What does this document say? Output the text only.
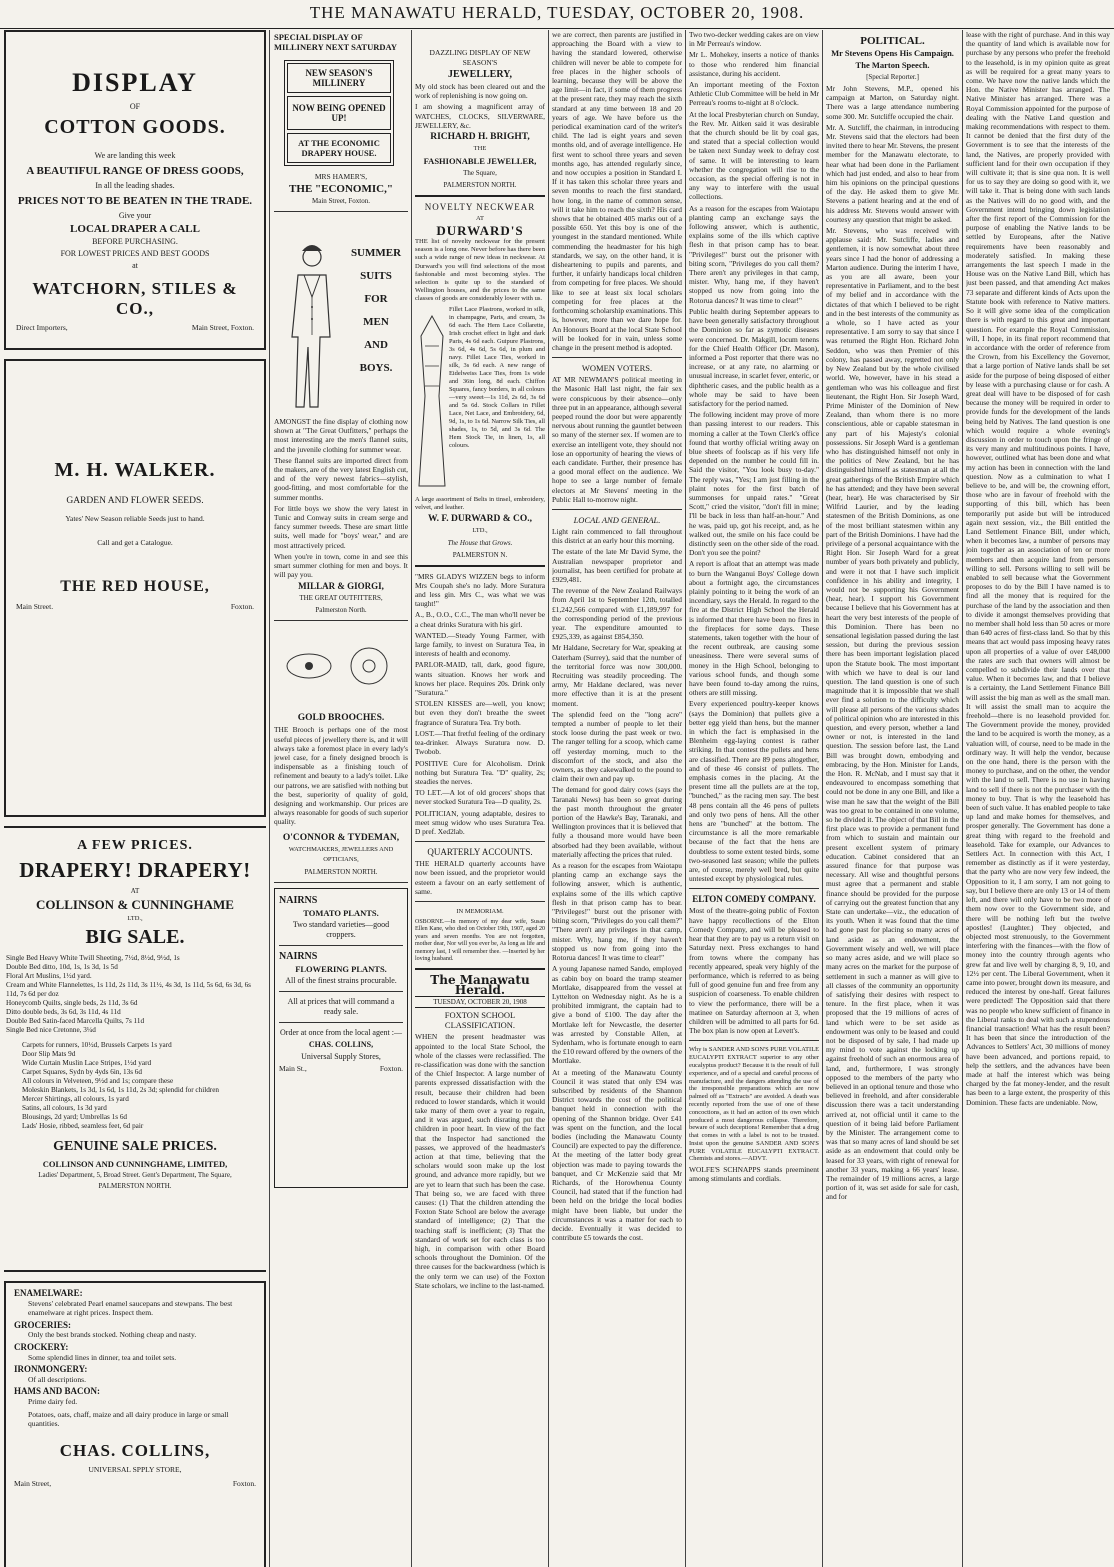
THE MANAWATU HERALD, TUESDAY, OCTOBER 20, 1908.
DISPLAY
OF
COTTON GOODS.
We are landing this week
A BEAUTIFUL RANGE OF DRESS GOODS,
In all the leading shades.
PRICES NOT TO BE BEATEN IN THE TRADE.
Give your
LOCAL DRAPER A CALL
BEFORE PURCHASING.
FOR LOWEST PRICES AND BEST GOODS
at
WATCHORN, STILES & CO.,
Direct Importers,	Main Street, Foxton.
M. H. WALKER.
GARDEN AND FLOWER SEEDS.
Yates' New Season reliable Seeds just to hand.
Call and get a Catalogue.
THE RED HOUSE,
Main Street.	Foxton.
A FEW PRICES.
DRAPERY! DRAPERY!
AT
COLLINSON & CUNNINGHAME
LTD.,
BIG SALE.
Single Bed Heavy White Twill Sheeting, 7½d, 8½d, 9½d, 1s
Double Bed ditto, 10d, 1s, 1s 3d, 1s 5d
Floral Art Muslins, 1½d yard.
Cream and White Flannelettes, 1s 11d, 2s 11d, 3s 11½, 4s 3d, 1s 11d, 5s 6d, 6s 3d, 6s 11d, 7s 6d per doz
Honeycomb Quilts, single beds, 2s 11d, 3s 6d
Ditto double beds, 3s 6d, 3s 11d, 4s 11d
Double Bed Satin-faced Marcella Quilts, 7s 11d
Single Bed nice Cretonne, 3¼d
Carpets for runners, 10½d, Brussels Carpets 1s yard
Door Slip Mats 9d
Wide Curtain Muslin Lace Stripes, 1½d yard
Carpet Squares, Sydn by 4yds 6in, 13s 6d
All colours in Velveteen, 9½d and 1s; compare these
Moleskin Blankets, 1s 3d, 1s 6d, 1s 11d, 2s 3d; splendid for children
Mercer Shirtings, all colours, 1s yard
Satins, all colours, 1s 3d yard
Blousings, 2d yard; Umbrellas 1s 6d
Lads' Hosie, ribbed, seamless feet, 6d pair
GENUINE SALE PRICES.
COLLINSON AND CUNNINGHAME, LIMITED,
Ladies' Department, 5, Broad Street. Gent's Department, The Square,
PALMERSTON NORTH.
ENAMELWARE:
Stevens' celebrated Pearl enamel saucepans and stewpans. The best enamelware at right prices. Inspect them.
GROCERIES:
Only the best brands stocked. Nothing cheap and nasty.
CROCKERY:
Some splendid lines in dinner, tea and toilet sets.
IRONMONGERY:
Of all descriptions.
HAMS AND BACON:
Prime dairy fed.
Potatoes, oats, chaff, maize and all dairy produce in large or small quantities.
CHAS. COLLINS,
UNIVERSAL SPPLY STORE,
Main Street,	Foxton.
SPECIAL DISPLAY OF MILLINERY NEXT SATURDAY
NEW SEASON'S MILLINERY
NOW BEING OPENED UP!
AT THE ECONOMIC DRAPERY HOUSE.
MRS HAMER'S,
THE "ECONOMIC,"
Main Street, Foxton.
SUMMER
SUITS
FOR
MEN
AND
BOYS.

AMONGST the fine display of clothing now shown at "The Great Outfitters," perhaps the most interesting are the men's flannel suits, and the juvenile clothing for summer wear.

These flannel suits are imported direct from the makers, are of the very latest English cut, and of the very newest fabrics—stylish, good-fitting, and most comfortable for the summer months.

For little boys we show the very latest in Tunic and Conway suits in cream serge and fancy summer tweeds. These are smart little suits, well made for "boys' wear," and are most attractively priced.

When you're in town, come in and see this smart summer clothing for men and boys. It will pay you.

MILLAR & GIORGI,
THE GREAT OUTFITTERS,
Palmerston North.
GOLD BROOCHES.

THE Brooch is perhaps one of the most useful pieces of jewellery there is, and it will always take a foremost place in every lady's jewel case, for a finely designed brooch is indispensable as a finishing touch of refinement and beauty to a lady's toilet. Like our patrons, we are satisfied with nothing but the best, superiority of quality of gold, designing and workmanship. Our prices are always reasonable for goods of such superior quality.

O'CONNOR & TYDEMAN,
WATCHMAKERS, JEWELLERS AND OPTICIANS,
PALMERSTON NORTH.
NAIRNS
TOMATO PLANTS.
Two standard varieties—good croppers.
NAIRNS
FLOWERING PLANTS.
All of the finest strains procurable.
All at prices that will command a ready sale.
Order at once from the local agent :—
CHAS. COLLINS,
Universal Supply Stores,
Main St.,	Foxton.
DAZZLING DISPLAY OF NEW SEASON'S
JEWELLERY,

My old stock has been cleared out and the work of replenishing is now going on.

I am showing a magnificent array of WATCHES, CLOCKS, SILVERWARE, JEWELLERY, &c.

RICHARD H. BRIGHT,
THE
FASHIONABLE JEWELLER,
The Square,
PALMERSTON NORTH.
NOVELTY NECKWEAR
AT
DURWARD'S

THE list of novelty neckwear for the present season is a long one. Never before has there been such a wide range of new ideas in neckwear. At Durward's you will find selections of the most fashionable and most becoming styles. The selection is quite up to the standard of Wellington houses, and the prices to the same classes of goods are considerably lower with us.

Fillet Lace Plastrons, worked in silk, in champagne, Paris, and cream, 3s 6d each. The Hem Lace Collarette, Irish crochet effect in light and dark Paris, 4s 6d each. Guipure Plastrons, 3s 6d, 4s 6d, 5s 6d, in plum and navy. Fillet Lace Ties, worked in silk, 3s 6d each. A new range of Eidelweiss Lace Ties, from 1s wide and 36in long, 8d each. Chiffon Squares, fancy borders, in all colours—very sweet—1s 11d, 2s 6d, 3s 6d and 5s 6d. Stock Collars in Fillet Lace, Net Lace, and Embroidery, 6d, 9d, 1s, to 1s 6d. Narrow Silk Ties, all shades, 1s, to 5d, and 3s 6d. The Hem Stock Tie, in linen, 1s, all colours.

A large assortment of Belts in tinsel, embroidery, velvet, and leather.

W. F. DURWARD & CO.,
LTD.,
The House that Grows.
PALMERSTON N.

"MRS GLADYS WIZZEN begs to inform Mrs Coupah she's no lady. More Suratura and less gin. Mrs C., was what we was taught!"

A., B., O.O., C.C., The man who'll never be a cheat drinks Suratura with his girl.

WANTED.—Steady Young Farmer, with large family, to invest on Suratura Tea, in interests of health and economy.

PARLOR-MAID, tall, dark, good figure, wants situation. Knows her work and knows her place. Requires 20s. Drink only "Suratura."

STOLEN KISSES are—well, you know; but even they don't breathe the sweet fragrance of Suratura Tea. Try both.

LOST.—That fretful feeling of the ordinary tea-drinker. Always Suratura now. D. Twobob.

POSITIVE Cure for Alcoholism. Drink nothing but Suratura Tea. "D" quality, 2s; steadies the nerves.

TO LET.—A lot of old grocers' shops that never stocked Suratura Tea—D quality, 2s.

POLITICIAN, young adaptable, desires to meet smug widow who uses Suratura Tea. D pref. Xed2lab.

QUARTERLY ACCOUNTS.

THE HERALD quarterly accounts have now been issued, and the proprietor would esteem a favour on an early settlement of same.

IN MEMORIAM.

OSBORNE.—In memory of my dear wife, Susan Ellen Kane, who died on October 19th, 1907, aged 20 years and seven months. You are not forgotten, mother dear, Nor will you ever be, As long as life and memory last, I will remember thee. —Inserted by her loving husband.

The Manawatu Herald.
TUESDAY, OCTOBER 20, 1908
FOXTON SCHOOL CLASSIFICATION.

WHEN the present headmaster was appointed to the local State School, the whole of the classes were reclassified. The re-classification was done with the sanction of the Chief Inspector. A large number of parents expressed dissatisfaction with the result, because their children had been reduced to lower standards, which it would take many of them over a year to regain, and it was argued, such disrating put the children in poor heart. In view of the fact that the Inspector had sanctioned the passes, we approved of the headmaster's action at that time, believing that the scholars would soon make up the lost ground, and advance more rapidly, but we are yet to learn that such has been the case. That being so, we are faced with three causes: (1) That the children attending the Foxton State School are below the average standard of intelligence; (2) That the teaching staff is inefficient; (3) That the standard of work set for each class is too high, in comparison with other Board schools throughout the Dominion. Of the three causes for the backwardness (which is the only term we can use) of the Foxton State scholars, we incline to the last-named.

we are correct, then parents are justified in approaching the Board with a view to having the standard lowered, otherwise children will never be able to compete for free places in the higher schools of learning, because they will be above the age limit—in fact, if some of them progress at the present rate, they may reach the sixth standard at any time between 18 and 20 years of age. We have before us the periodical examination card of the writer's child. The lad is eight years and seven months old, and of average intelligence. He first went to school three years and seven months ago, has attended regularly since, and now occupies a position in Standard I. If it has taken this scholar three years and seven months to reach the first standard, how long, in the name of common sense, will it take him to reach the sixth? His card shows that he obtained 405 marks out of a possible 650. Yet this boy is one of the youngest in the standard mentioned. While commending the headmaster for his high standards, we say, on the other hand, it is disheartening to pupils and parents, and further, it unfairly handicaps local children from competing for free places. We should like to see at least six local scholars competing for free places at the forthcoming scholarship examinations. This is, however, more than we dare hope for. An Honours Board at the local State School will be looked for in vain, unless some change in the present method is adopted.

WOMEN VOTERS.

AT MR NEWMAN'S political meeting in the Masonic Hall last night, the fair sex were conspicuous by their absence—only three put in an appearance, although several peeped round the door but were apparently nervous about running the gauntlet between so many of the sterner sex. If women are to exercise an intelligent vote, they should not lose an opportunity of hearing the views of each candidate. Further, their presence has a good moral effect on the audience. We hope to see a large number of female electors at Mr Stevens' meeting in the Public Hall to-morrow night.

LOCAL AND GENERAL.

Light rain commenced to fall throughout this district at an early hour this morning.

The estate of the late Mr David Syme, the Australian newspaper proprietor and journalist, has been certified for probate at £929,481.

The revenue of the New Zealand Railways from April 1st to September 12th, totalled £1,242,566 compared with £1,189,997 for the corresponding period of the previous year. The expenditure amounted to £925,339, as against £854,350.

Mr Haldane, Secretary for War, speaking at Oaterham (Surrey), said that the number of the territorial force was now 300,000. Recruiting was steadily proceeding. The army, Mr Haldane declared, was never more effective than it is at the present moment.

The splendid feed on the "long acre" tempted a number of people to let their stock loose during the past week or two. The ranger telling for a scoop, which came off yesterday morning, much to the discomfort of the stock, and also the owners, as they cakewalked to the pound to claim their own and pay up.

The demand for good dairy cows (says the Taranaki News) has been so great during the past month throughout the greater portion of the Hawke's Bay, Taranaki, and Wellington provinces that it is believed that fully a thousand more would have been absorbed had they been available, without materially affecting the prices that ruled.

As a reason for the escapes from Waiotapu planting camp an exchange says the following answer, which is authentic, explains some of the ills which captive flesh in that prison camp has to bear. "Privileges!" burst out the prisoner with biting scorn, "Privileges do you call them?" "There aren't any privileges in that camp, mister. Why, hang me, if they haven't stopped us now from going into the Rotorua dances! It was time to clear!"

A young Japanese named Sando, employed as cabin boy on board the tramp steamer Mortlake, disappeared from the vessel at Lyttelton on Wednesday night. As he is a prohibited immigrant, the captain had to give a bond of £100. The day after the Mortlake left for Newcastle, the deserter was arrested by Constable Allen, at Sydenham, who is fortunate enough to earn the £10 reward offered by the owners of the Mortlake.

At a meeting of the Manawatu County Council it was stated that only £94 was subscribed by residents of the Shannon District towards the cost of the political banquet held in connection with the opening of the Shannon bridge. Over £41 was spent on the function, and the local bodies (including the Manawatu County Council) are expected to pay the difference. At the meeting of the latter body great objection was made to paying towards the banquet, and Cr McKenzie said that Mr Richards, of the Horowhenua County Council, had stated that if the function had been held on the bridge the local bodies might have been liable, but under the circumstances it was a matter for each to decide. Eventually it was decided to contribute £5 towards the cost.

Two two-decker wedding cakes are on view in Mr Perreau's window.

Mr L. Mohekey, inserts a notice of thanks to those who rendered him financial assistance, during his accident.

An important meeting of the Foxton Athletic Club Committee will be held in Mr Perreau's rooms to-night at 8 o'clock.

At the local Presbyterian church on Sunday, the Rev. Mr. Aitken said it was desirable that the church should be lit by coal gas, and stated that a special collection would be taken next Sunday week to defray cost of same. It will be interesting to learn whether the congregation will rise to the occasion, as the special offering is not in any way to interfere with the usual collections.

As a reason for the escapes from Waiotapu planting camp an exchange says the following answer, which is authentic, explains some of the ills which captive flesh in that prison camp has to bear. "Privileges!" burst out the prisoner with biting scorn, "Privileges do you call them? There aren't any privileges in that camp, mister. Why, hang me, if they haven't stopped us now from going into the Rotorua dances? It was time to clear!"

Public health during September appears to have been generally satisfactory throughout the Dominion so far as zymotic diseases were concerned. Dr. Makgill, locum tenens for the Chief Health Officer (Dr. Mason), informed a Post reporter that there was no increase, or at any rate, no alarming or unusual increase, in scarlet fever, enteric, or diphtheric cases, and the public health as a whole may be said to have been satisfactory for the period named.

The following incident may prove of more than passing interest to our readers. This morning a caller at the Town Clerk's office found that worthy official writing away on blue sheets of foolscap as if his very life depended on the number he could fill in. Said the visitor, "You look busy to-day." The reply was, "Yes; I am just filling in the plaint notes for the first batch of summonses for unpaid rates." "Great Scott," cried the visitor, "don't fill in mine; I'll be back in less than half-an-hour." And he was, paid up, got his receipt, and, as he walked out, the smile on his face could be distinctly seen on the other side of the road. Don't you see the point?

A report is afloat that an attempt was made to burn the Wanganui Boys' College down about a fortnight ago, the circumstances plainly pointing to it being the work of an incendiary, says the Herald. In regard to the fire at the District High School the Herald is informed that there have been no fires in the fireplaces for some days. These statements, taken together with the hour of the recent outbreak, are causing some uneasiness. There were several sums of money in the High School, belonging to various school funds, and though some have been found to-day among the ruins, others are still missing.

Every experienced poultry-keeper knows (says the Dominion) that pullets give a better egg yield than hens, but the manner in which the fact is emphasised in the Blenheim egg-laying contest is rather striking. In that contest the pullets and hens are classified. There are 89 pens altogether, and of these 46 consist of pullets. The emphasis comes in the placing. At the present time all the pullets are at the top, "bunched," as the racing men say. The best 48 pens contain all the 46 pens of pullets and only two pens of hens. All the other hens are "bunched" at the bottom. The circumstance is all the more remarkable because of the fact that the hens are doubtless to some extent tested birds, some two-seasoned last season; while the pullets are, of course, merely well bred, but quite untested except by physiological rules.

ELTON COMEDY COMPANY.

Most of the theatre-going public of Foxton have happy recollections of the Elton Comedy Company, and will be pleased to hear that they are to pay us a return visit on Saturday next. Press exchanges to hand from towns where the company has recently appeared, speak very highly of the performance, which is referred to as being full of good genuine fun and free from any suspicion of coarseness. To enable children to view the performance, there will be a matinee on Saturday afternoon at 3, when children will be admitted to all parts for 6d. The box plan is now open at Levett's.

Why is SANDER AND SON'S PURE VOLATILE EUCALYPTI EXTRACT superior to any other eucalyptus product? Because it is the result of full experience, and of a special and careful process of manufacture, and the dangers attending the use of the irresponsible preparations which are now palmed off as "Extracts" are avoided. A death was recently reported from the use of one of these concoctions, as it had an action of its own which produced a most dangerous collapse. Therefore, beware of such deceptions! Remember that a drug that comes in with a label is not to be trusted. Insist upon the genuine SANDER AND SON'S PURE VOLATILE EUCALYPTI EXTRACT. Chemists and stores.—ADVT.

WOLFE'S SCHNAPPS stands preeminent among stimulants and cordials.

POLITICAL.
Mr Stevens Opens His Campaign.
The Marton Speech.
[Special Reporter.]

Mr John Stevens, M.P., opened his campaign at Marton, on Saturday night. There was a large attendance numbering some 300. Mr. Sutcliffe occupied the chair.

Mr. A. Sutcliff, the chairman, in introducing Mr. Stevens said that the electors had been invited there to hear Mr. Stevens, the present member for the Manawatu electorate, to hear what had been done in the Parliament which had just ended, and also to hear from him his opinions on the principal questions of the day. He asked them to give Mr. Stevens a patient hearing and at the end of his address Mr. Stevens would answer with courtesy any question that might be asked.

Mr. Stevens, who was received with applause said: Mr. Sutcliffe, ladies and gentlemen, it is now somewhat about three years since I had the honor of addressing a Marton audience. During the interim I have, as you are all aware, been your representative in Parliament, and to the best of my belief and in accordance with the dictates of that which I believed to be right and in the best interests of the community as a whole, so I have acted as your representative. I am sorry to say that since I was returned the Right Hon. Richard John Seddon, who was then Premier of this colony, has passed away, regretted not only by New Zealand but by the whole civilised world. We, however, have in his stead a gentleman who was his colleague and first lieutenant, the Right Hon. Sir Joseph Ward, Prime Minister of the Dominion of New Zealand, than whom there is no more conscientious, able or capable statesman in any part of his Majesty's colonial possessions. Sir Joseph Ward is a gentleman who has distinguished himself not only in the politics of New Zealand, but he has distinguished himself as statesman at all the great gatherings of the British Empire which he has attended; and they have been several (hear, hear). He was characterised by Sir Wilfrid Laurier, and by the leading statesmen of the British Dominions, as one of the most brilliant statesmen within any part of the British Dominions. I have had the privilege of a personal acquaintance with the Right Hon. Sir Joseph Ward for a great number of years both privately and publicly, and were it not that I have such implicit confidence in his ability and integrity, I would not be supporting his Government (hear, hear). I support his Government because I believe that his Government has at heart the very best interests of the people of this Dominion. There has been no sensational legislation passed during the last session, but during the previous session there has been important legislation placed upon the Statute book. The most important with which we have to deal is our land question. The land question is one of such magnitude that it is impossible that we shall ever find a solution to the difficulty which will please all persons of the various shades of political opinion who are interested in this question, and every person, whether a land owner or not, is interested in the land question. The session before last, the Land Bill was brought down, embodying and embracing, by the Hon. Minister for Lands, the Hon. R. McNab, and I must say that it endeavoured to encompass something that could not be done in any one Bill, and like a wise man he saw that the weight of the Bill was too great to be contained in one volume, so he divided it. The object of that Bill in the first place was to provide a permanent fund from which to sustain and maintain our present excellent system of primary education. Cabinet considered that an assured finance for that purpose was necessary. All wise and thoughtful persons must agree that a permanent and stable finance should be provided for the purpose of carrying out the greatest function that any State can undertake—viz., the education of its youth. When it was found that the time had gone past for placing so many acres of land aside as an endowment, the Government wisely and well, we will place so many acres aside, and we will place so many acres on the market for the purpose of settlement in such a manner as will give to all classes of the community an opportunity of satisfying their desires with respect to tenure. In the first place, when it was proposed that the 19 millions of acres of land which were to be set aside as endowment was only to be leased and could not be disposed of by sale, I had made up my mind to vote against the locking up against freehold of such an enormous area of land, and, furthermore, I was strongly opposed to the members of the party who believed in an optional tenure and those who believed in freehold, and after considerable discussion there was a tacit understanding arrived at, not official until it came to the question of it being laid before Parliament by the Minister. The arrangement come to was that so many acres of land should be set aside as an endowment that could only be leased for 33 years, with right of renewal for another 33 years, making a 66 years' lease. The remainder of 19 millions acres, a large portion of it, was set aside for sale for cash, and for

lease with the right of purchase. And in this way the quantity of land which is available now for purchase by any persons who prefer the freehold to the leasehold, is in my opinion quite as great as will be required for a great many years to come. We have now the native lands which the Hon. the Native Minister has arranged. The Native Minister has arranged. There was a Royal Commission appointed for the purpose of dealing with the Native Land question and making recommendations with respect to them. It cannot be denied that the first duty of the Government is to see that the interests of the land, the Natives, are properly provided with sufficient land for their own occupation if they will cultivate it; that is sine qua non. It is well for us to say they are doing so good with it, we will take it. That is being done with such lands as the Natives will do no good with, and the Government intend bringing down legislation after the first report of the Commission for the purpose of enabling the Native lands to be settled by Europeans, after the Native requirements have been reasonably and moderately satisfied. In making these arrangements the last speech I made in the House was on the Native Land Bill, which has just been passed, and that amending Act makes 73 separate and different kinds of Acts upon the Statute book with reference to Native matters. So it will give some idea of the complication there is with regard to this great and important question. For example the Royal Commission, will, I hope, in its final report recommend that in accordance with the order of reference from the Crown, from his Excellency the Governor, that a large portion of Native lands shall be set aside for the purpose of being disposed of either by lease with a purchasing clause or for cash. A great deal will have to be disposed of for cash because the money will be required in order to provide funds for the development of the lands being held by Natives. The land question is one which would require a whole evening's discussion in order to touch upon the fringe of its very many and multitudinous points. I have, however, outlined what has been done and what my action has been in connection with the land question. Now as a culmination to what I believe to be, and will be, the crowning effort, those who are in favour of freehold with the supporting of this bill, which has been temporarily put aside but will be introduced again next session, viz., the Bill entitled the Land Settlement Finance Bill, under which, when it becomes law, a number of persons may join together as an association of ten or more members and then acquire land from persons willing to sell. Persons willing to sell will be enabled to sell because what the Government proposes to do by the Bill I have named is to find all the money that is required for the purchase of the land by the association and then to divide it amongst themselves providing that no member shall hold less than 50 acres or more than 640 acres of first-class land. So that by this means that act would pass imposing heavy rates upon all properties of a value of over £48,000 the rates are such that owners will almost be compelled to subdivide their lands over that value. When it becomes law, and that I believe is a certainty, the Land Settlement Finance Bill will assist the big man as well as the small man. It will assist the small man to acquire the freehold—there is no leasehold provided for. The Government provide the money, provided the land to be acquired is worth the money, as a valuation will, of course, need to be made in the ordinary way. It will help the vendor, because on the one hand, there is the person with the money to purchase, and on the other, the vendor with the land to sell. There is no use in having land to sell if there is not the purchaser with the money to buy. That is why the leasehold has been of such value. It has enabled people to take up land and make homes for themselves, and prosper generally. The Government has done a great thing with regard to the freehold and leasehold. Take for example, our Advances to Settlers Act. In connection with this Act, I remember as distinctly as if it were yesterday, that the party who are now very few indeed, the Opposition to it, I am sorry, I am not going to say, but I believe there are only 13 or 14 of them left, and there will only have to be two more of them now over to the Government side, and there will be nothing left but the twelve apostles! (Laughter.) They objected, and objected most strenuously, to the Government interfering with the finances—with the flow of money into the country through agents who grew fat and live well by charging 8, 9, 10, and 12½ per cent. The Liberal Government, when it came into power, brought down its measure, and reduced the interest by one-half. Great failures were predicted! The Opposition said that there was no people who knew sufficient of finance in the Liberal ranks to deal with such a stupendous financial transaction! What has the result been? It has been that since the introduction of the Advances to Settlers' Act, 30 millions of money have been advanced, and portions repaid, to help the settlers, and the advances have been made at half the interest which was being charged by the fat money-lender, and the result has been to a large extent, the prosperity of this Dominion. These facts are undeniable. Now,
